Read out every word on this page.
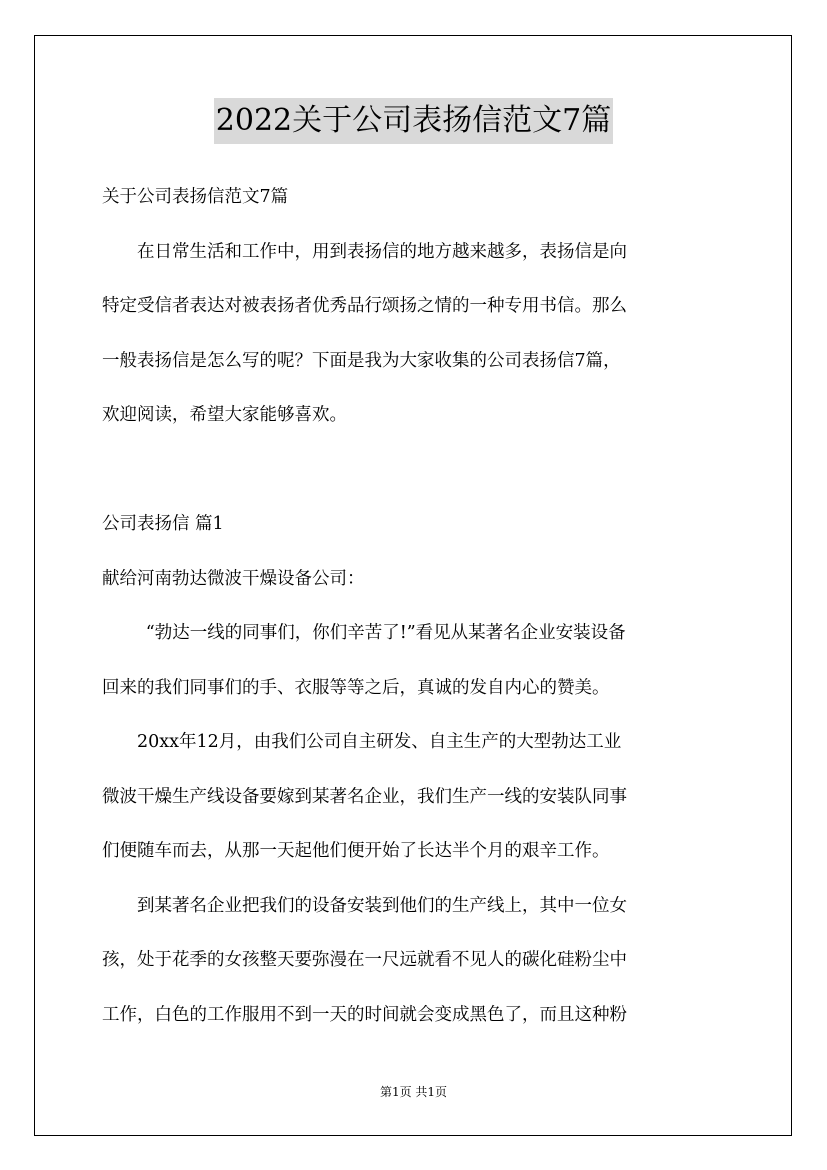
2022关于公司表扬信范文7篇

关于公司表扬信范文7篇

在日常生活和工作中，用到表扬信的地方越来越多，表扬信是向

特定受信者表达对被表扬者优秀品行颂扬之情的一种专用书信。那么

一般表扬信是怎么写的呢？下面是我为大家收集的公司表扬信7篇，

欢迎阅读，希望大家能够喜欢。

公司表扬信 篇1

献给河南勃达微波干燥设备公司：

“勃达一线的同事们，你们辛苦了!”看见从某著名企业安装设备

回来的我们同事们的手、衣服等等之后，真诚的发自内心的赞美。

20xx年12月，由我们公司自主研发、自主生产的大型勃达工业

微波干燥生产线设备要嫁到某著名企业，我们生产一线的安装队同事

们便随车而去，从那一天起他们便开始了长达半个月的艰辛工作。

到某著名企业把我们的设备安装到他们的生产线上，其中一位女

孩，处于花季的女孩整天要弥漫在一尺远就看不见人的碳化硅粉尘中

工作，白色的工作服用不到一天的时间就会变成黑色了，而且这种粉

第1页 共1页
